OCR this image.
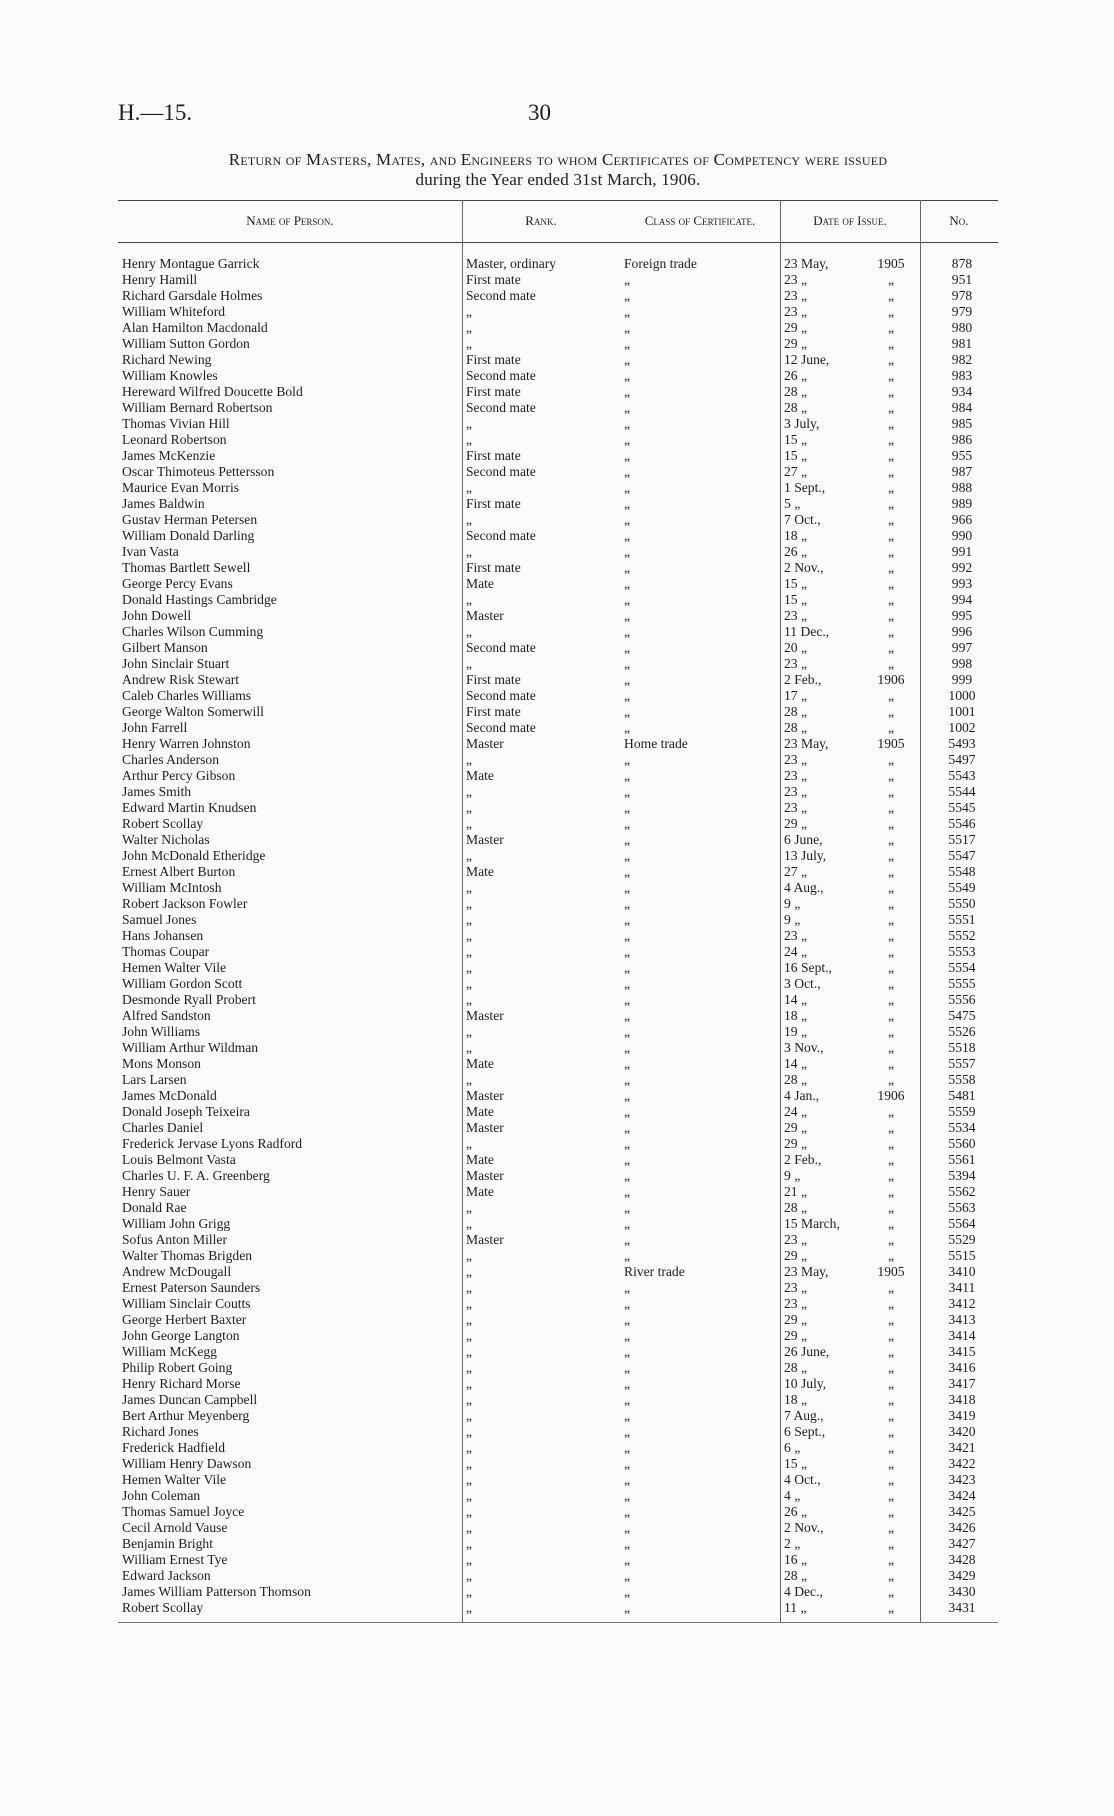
H.—15.	30
Return of Masters, Mates, and Engineers to whom Certificates of Competency were issued
during the Year ended 31st March, 1906.
Name of Person.	Rank.	Class of Certificate.	Date of Issue.	No.
Henry Montague Garrick	Master, ordinary	Foreign trade	23 May,	1905	878
Henry Hamill	First mate	„	23 „	„	951
Richard Garsdale Holmes	Second mate	„	23 „	„	978
William Whiteford	„	„	23 „	„	979
Alan Hamilton Macdonald	„	„	29 „	„	980
William Sutton Gordon	„	„	29 „	„	981
Richard Newing	First mate	„	12 June,	„	982
William Knowles	Second mate	„	26 „	„	983
Hereward Wilfred Doucette Bold	First mate	„	28 „	„	934
William Bernard Robertson	Second mate	„	28 „	„	984
Thomas Vivian Hill	„	„	3 July,	„	985
Leonard Robertson	„	„	15 „	„	986
James McKenzie	First mate	„	15 „	„	955
Oscar Thimoteus Pettersson	Second mate	„	27 „	„	987
Maurice Evan Morris	„	„	1 Sept.,	„	988
James Baldwin	First mate	„	5 „	„	989
Gustav Herman Petersen	„	„	7 Oct.,	„	966
William Donald Darling	Second mate	„	18 „	„	990
Ivan Vasta	„	„	26 „	„	991
Thomas Bartlett Sewell	First mate	„	2 Nov.,	„	992
George Percy Evans	Mate	„	15 „	„	993
Donald Hastings Cambridge	„	„	15 „	„	994
John Dowell	Master	„	23 „	„	995
Charles Wilson Cumming	„	„	11 Dec.,	„	996
Gilbert Manson	Second mate	„	20 „	„	997
John Sinclair Stuart	„	„	23 „	„	998
Andrew Risk Stewart	First mate	„	2 Feb.,	1906	999
Caleb Charles Williams	Second mate	„	17 „	„	1000
George Walton Somerwill	First mate	„	28 „	„	1001
John Farrell	Second mate	„	28 „	„	1002
Henry Warren Johnston	Master	Home trade	23 May,	1905	5493
Charles Anderson	„	„	23 „	„	5497
Arthur Percy Gibson	Mate	„	23 „	„	5543
James Smith	„	„	23 „	„	5544
Edward Martin Knudsen	„	„	23 „	„	5545
Robert Scollay	„	„	29 „	„	5546
Walter Nicholas	Master	„	6 June,	„	5517
John McDonald Etheridge	„	„	13 July,	„	5547
Ernest Albert Burton	Mate	„	27 „	„	5548
William McIntosh	„	„	4 Aug.,	„	5549
Robert Jackson Fowler	„	„	9 „	„	5550
Samuel Jones	„	„	9 „	„	5551
Hans Johansen	„	„	23 „	„	5552
Thomas Coupar	„	„	24 „	„	5553
Hemen Walter Vile	„	„	16 Sept.,	„	5554
William Gordon Scott	„	„	3 Oct.,	„	5555
Desmonde Ryall Probert	„	„	14 „	„	5556
Alfred Sandston	Master	„	18 „	„	5475
John Williams	„	„	19 „	„	5526
William Arthur Wildman	„	„	3 Nov.,	„	5518
Mons Monson	Mate	„	14 „	„	5557
Lars Larsen	„	„	28 „	„	5558
James McDonald	Master	„	4 Jan.,	1906	5481
Donald Joseph Teixeira	Mate	„	24 „	„	5559
Charles Daniel	Master	„	29 „	„	5534
Frederick Jervase Lyons Radford	„	„	29 „	„	5560
Louis Belmont Vasta	Mate	„	2 Feb.,	„	5561
Charles U. F. A. Greenberg	Master	„	9 „	„	5394
Henry Sauer	Mate	„	21 „	„	5562
Donald Rae	„	„	28 „	„	5563
William John Grigg	„	„	15 March,	„	5564
Sofus Anton Miller	Master	„	23 „	„	5529
Walter Thomas Brigden	„	„	29 „	„	5515
Andrew McDougall	„	River trade	23 May,	1905	3410
Ernest Paterson Saunders	„	„	23 „	„	3411
William Sinclair Coutts	„	„	23 „	„	3412
George Herbert Baxter	„	„	29 „	„	3413
John George Langton	„	„	29 „	„	3414
William McKegg	„	„	26 June,	„	3415
Philip Robert Going	„	„	28 „	„	3416
Henry Richard Morse	„	„	10 July,	„	3417
James Duncan Campbell	„	„	18 „	„	3418
Bert Arthur Meyenberg	„	„	7 Aug.,	„	3419
Richard Jones	„	„	6 Sept.,	„	3420
Frederick Hadfield	„	„	6 „	„	3421
William Henry Dawson	„	„	15 „	„	3422
Hemen Walter Vile	„	„	4 Oct.,	„	3423
John Coleman	„	„	4 „	„	3424
Thomas Samuel Joyce	„	„	26 „	„	3425
Cecil Arnold Vause	„	„	2 Nov.,	„	3426
Benjamin Bright	„	„	2 „	„	3427
William Ernest Tye	„	„	16 „	„	3428
Edward Jackson	„	„	28 „	„	3429
James William Patterson Thomson	„	„	4 Dec.,	„	3430
Robert Scollay	„	„	11 „	„	3431
